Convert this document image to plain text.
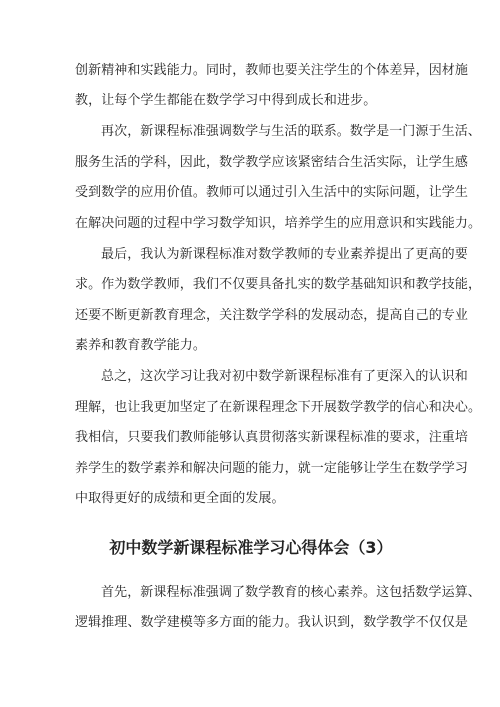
创新精神和实践能力。同时，教师也要关注学生的个体差异，因材施
教，让每个学生都能在数学学习中得到成长和进步。
再次，新课程标准强调数学与生活的联系。数学是一门源于生活、
服务生活的学科，因此，数学教学应该紧密结合生活实际，让学生感
受到数学的应用价值。教师可以通过引入生活中的实际问题，让学生
在解决问题的过程中学习数学知识，培养学生的应用意识和实践能力。
最后，我认为新课程标准对数学教师的专业素养提出了更高的要
求。作为数学教师，我们不仅要具备扎实的数学基础知识和教学技能，
还要不断更新教育理念，关注数学学科的发展动态，提高自己的专业
素养和教育教学能力。
总之，这次学习让我对初中数学新课程标准有了更深入的认识和
理解，也让我更加坚定了在新课程理念下开展数学教学的信心和决心。
我相信，只要我们教师能够认真贯彻落实新课程标准的要求，注重培
养学生的数学素养和解决问题的能力，就一定能够让学生在数学学习
中取得更好的成绩和更全面的发展。
初中数学新课程标准学习心得体会（3）
首先，新课程标准强调了数学教育的核心素养。这包括数学运算、
逻辑推理、数学建模等多方面的能力。我认识到，数学教学不仅仅是
